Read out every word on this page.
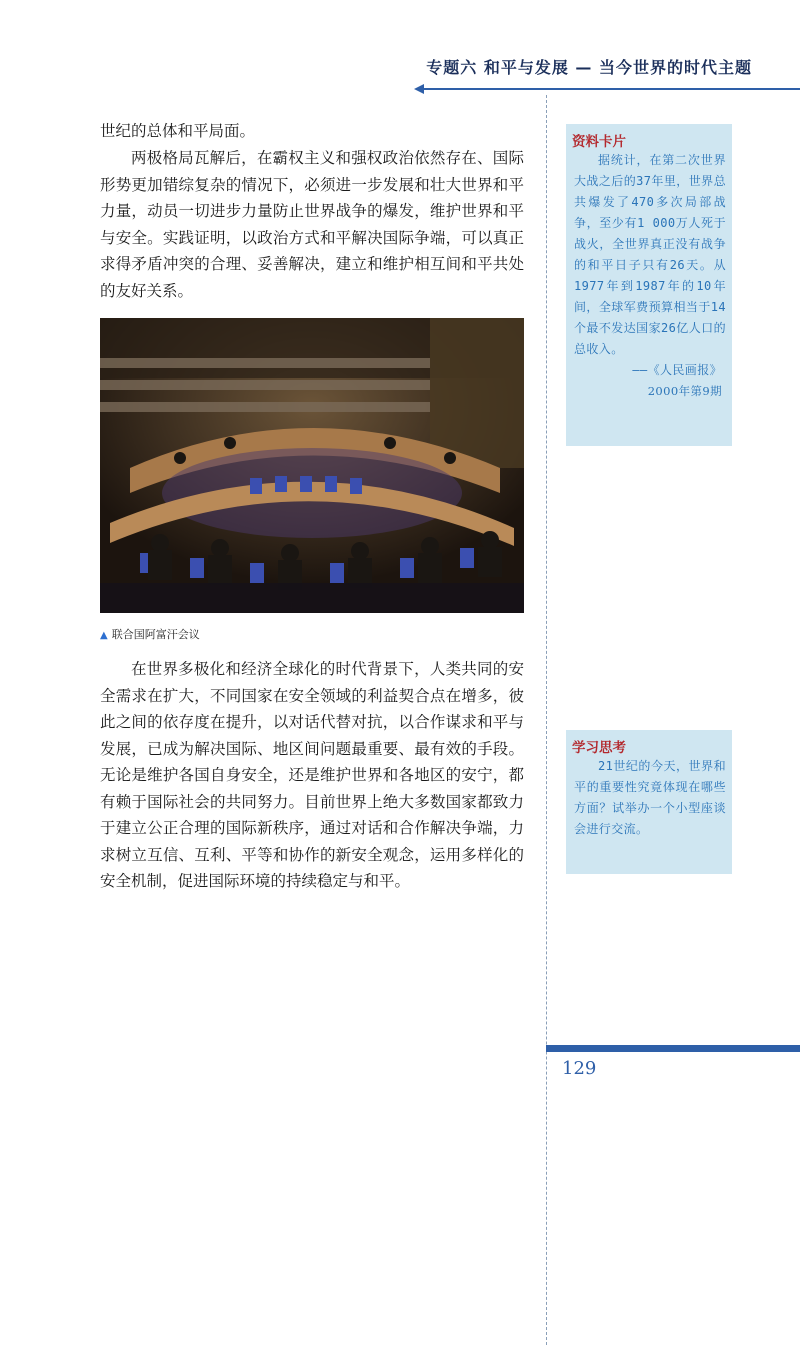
专题六 和平与发展 — 当今世界的时代主题
世纪的总体和平局面。
两极格局瓦解后，在霸权主义和强权政治依然存在、国际形势更加错综复杂的情况下，必须进一步发展和壮大世界和平力量，动员一切进步力量防止世界战争的爆发，维护世界和平与安全。实践证明，以政治方式和平解决国际争端，可以真正求得矛盾冲突的合理、妥善解决，建立和维护相互间和平共处的友好关系。
▲ 联合国阿富汗会议
在世界多极化和经济全球化的时代背景下，人类共同的安全需求在扩大，不同国家在安全领域的利益契合点在增多，彼此之间的依存度在提升，以对话代替对抗，以合作谋求和平与发展，已成为解决国际、地区间问题最重要、最有效的手段。无论是维护各国自身安全，还是维护世界和各地区的安宁，都有赖于国际社会的共同努力。目前世界上绝大多数国家都致力于建立公正合理的国际新秩序，通过对话和合作解决争端，力求树立互信、互利、平等和协作的新安全观念，运用多样化的安全机制，促进国际环境的持续稳定与和平。
资料卡片
据统计，在第二次世界大战之后的37年里，世界总共爆发了470多次局部战争，至少有1 000万人死于战火，全世界真正没有战争的和平日子只有26天。从1977年到1987年的10年间，全球军费预算相当于14个最不发达国家26亿人口的总收入。
——《人民画报》
2000年第9期
学习思考
21世纪的今天，世界和平的重要性究竟体现在哪些方面？试举办一个小型座谈会进行交流。
129
